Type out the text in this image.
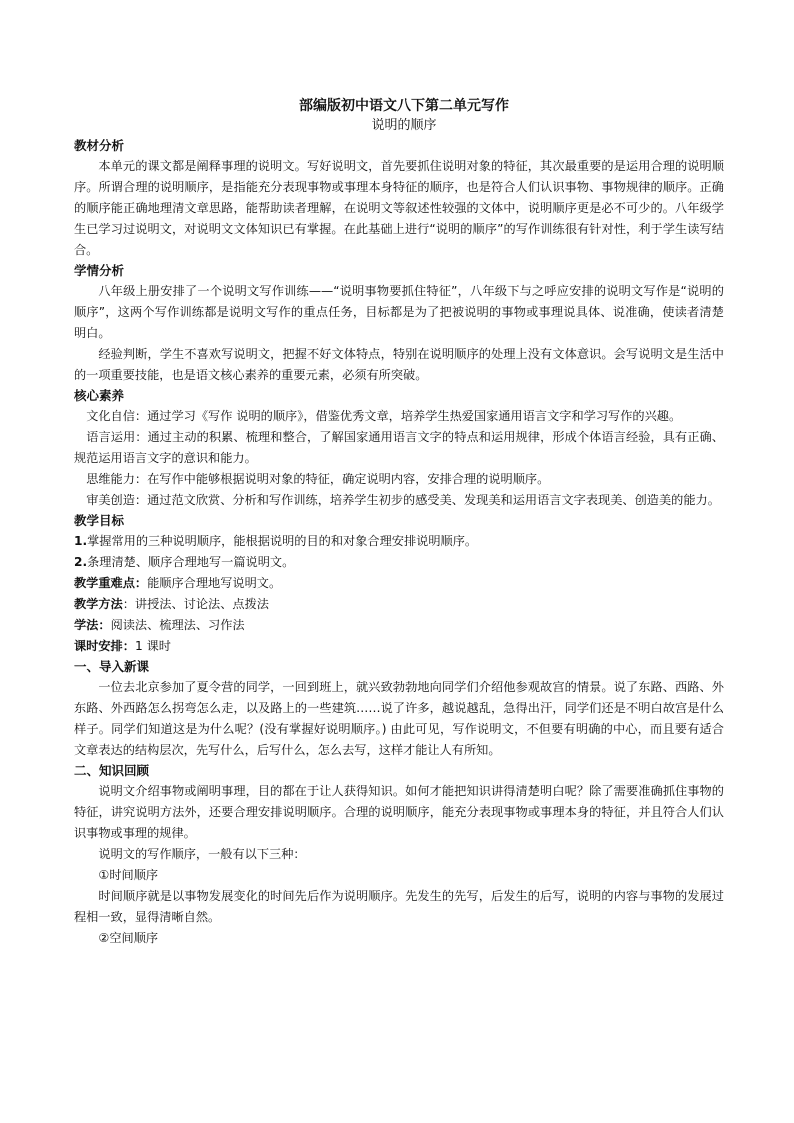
部编版初中语文八下第二单元写作
说明的顺序
教材分析

本单元的课文都是阐释事理的说明文。写好说明文，首先要抓住说明对象的特征，其次最重要的是运用合理的说明顺序。所谓合理的说明顺序，是指能充分表现事物或事理本身特征的顺序，也是符合人们认识事物、事物规律的顺序。正确的顺序能正确地理清文章思路，能帮助读者理解，在说明文等叙述性较强的文体中，说明顺序更是必不可少的。八年级学生已学习过说明文，对说明文文体知识已有掌握。在此基础上进行“说明的顺序”的写作训练很有针对性，利于学生读写结合。

学情分析

八年级上册安排了一个说明文写作训练——“说明事物要抓住特征”，八年级下与之呼应安排的说明文写作是“说明的顺序”，这两个写作训练都是说明文写作的重点任务，目标都是为了把被说明的事物或事理说具体、说准确，使读者清楚明白。

经验判断，学生不喜欢写说明文，把握不好文体特点，特别在说明顺序的处理上没有文体意识。会写说明文是生活中的一项重要技能，也是语文核心素养的重要元素，必须有所突破。

核心素养

文化自信：通过学习《写作 说明的顺序》，借鉴优秀文章，培养学生热爱国家通用语言文字和学习写作的兴趣。

语言运用：通过主动的积累、梳理和整合，了解国家通用语言文字的特点和运用规律，形成个体语言经验，具有正确、规范运用语言文字的意识和能力。

思维能力：在写作中能够根据说明对象的特征，确定说明内容，安排合理的说明顺序。

审美创造：通过范文欣赏、分析和写作训练，培养学生初步的感受美、发现美和运用语言文字表现美、创造美的能力。

教学目标
1.掌握常用的三种说明顺序，能根据说明的目的和对象合理安排说明顺序。
2.条理清楚、顺序合理地写一篇说明文。
教学重难点：能顺序合理地写说明文。
教学方法：讲授法、讨论法、点拨法
学法：阅读法、梳理法、习作法
课时安排：1 课时
一、导入新课

一位去北京参加了夏令营的同学，一回到班上，就兴致勃勃地向同学们介绍他参观故宫的情景。说了东路、西路、外东路、外西路怎么拐弯怎么走，以及路上的一些建筑……说了许多，越说越乱，急得出汗，同学们还是不明白故宫是什么样子。同学们知道这是为什么呢？(没有掌握好说明顺序。) 由此可见，写作说明文，不但要有明确的中心，而且要有适合文章表达的结构层次，先写什么，后写什么，怎么去写，这样才能让人有所知。

二、知识回顾

说明文介绍事物或阐明事理，目的都在于让人获得知识。如何才能把知识讲得清楚明白呢？除了需要准确抓住事物的特征，讲究说明方法外，还要合理安排说明顺序。合理的说明顺序，能充分表现事物或事理本身的特征，并且符合人们认识事物或事理的规律。

说明文的写作顺序，一般有以下三种：

①时间顺序

时间顺序就是以事物发展变化的时间先后作为说明顺序。先发生的先写，后发生的后写，说明的内容与事物的发展过程相一致，显得清晰自然。

②空间顺序
